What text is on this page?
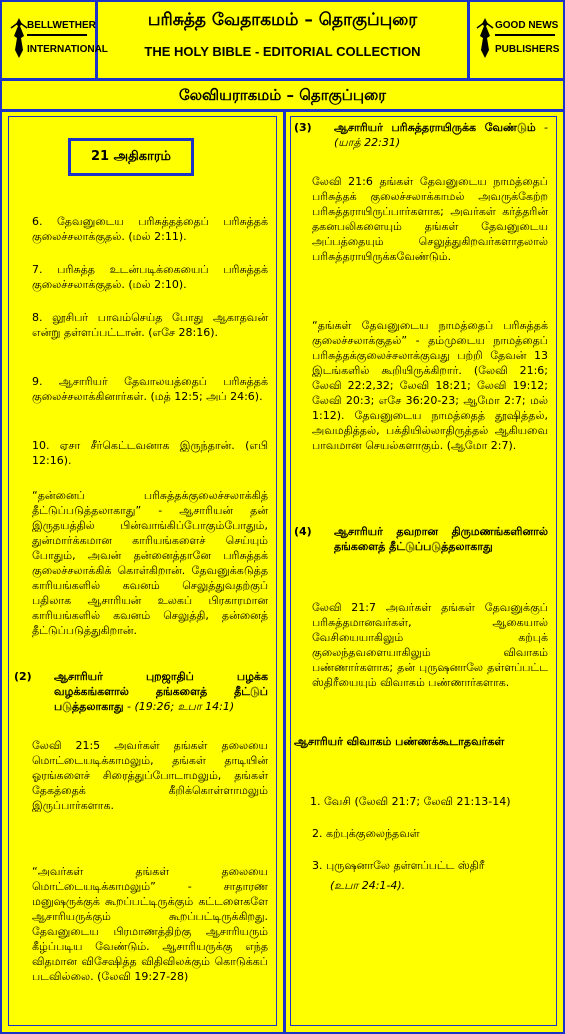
BELLWETHER
INTERNATIONAL
பரிசுத்த வேதாகமம் – தொகுப்புரை
THE HOLY BIBLE - EDITORIAL COLLECTION
GOOD NEWS
PUBLISHERS
லேவியராகமம் – தொகுப்புரை
21 அதிகாரம்
6. தேவனுடைய பரிசுத்தத்தைப் பரிசுத்தக் குலைச்சலாக்குதல். (மல் 2:11).
7. பரிசுத்த உடன்படிக்கையைப் பரிசுத்தக் குலைச்சலாக்குதல். (மல் 2:10).
8. லூசிபர் பாவம்செய்த போது ஆகாதவன் என்று தள்ளப்பட்டான். (எசே 28:16).
9. ஆசாரியர் தேவாலயத்தைப் பரிசுத்தக் குலைச்சலாக்கினார்கள். (மத் 12:5; அப் 24:6).
10. ஏசா சீர்கெட்டவனாக இருந்தான். (எபி 12:16).
“தன்னைப் பரிசுத்தக்குலைச்சலாக்கித் தீட்டுப்படுத்தலாகாது” - ஆசாரியன் தன் இருதயத்தில் பின்வாங்கிப்போகும்போதும், துன்மார்க்கமான காரியங்களைச் செய்யும் போதும், அவன் தன்னைத்தானே பரிசுத்தக் குலைச்சலாக்கிக் கொள்கிறான். தேவனுக்கடுத்த காரியங்களில் கவனம் செலுத்துவதற்குப் பதிலாக ஆசாரியன் உலகப் பிரகாரமான காரியங்களில் கவனம் செலுத்தி, தன்னைத் தீட்டுப்படுத்துகிறான்.
(2)	ஆசாரியர் புறஜாதிப் பழக்க வழக்கங்களால் தங்களைத் தீட்டுப் படுத்தலாகாது - (19:26; உபா 14:1)
லேவி 21:5 அவர்கள் தங்கள் தலையை மொட்டையடிக்காமலும், தங்கள் தாடியின் ஓரங்களைச் சிரைத்துப்போடாமலும், தங்கள் தேகத்தைக் கீறிக்கொள்ளாமலும் இருப்பார்களாக.
“அவர்கள் தங்கள் தலையை மொட்டையடிக்காமலும்” - சாதாரண மனுஷருக்குக் கூறப்பட்டிருக்கும் கட்டளைகளே ஆசாரியருக்கும் கூறப்பட்டிருக்கிறது. தேவனுடைய பிரமாணத்திற்கு ஆசாரியரும் கீழ்ப்படிய வேண்டும். ஆசாரியருக்கு எந்த விதமான விசேஷித்த விதிவிலக்கும் கொடுக்கப் படவில்லை. (லேவி 19:27-28)
(3)	ஆசாரியர் பரிசுத்தராயிருக்க வேண்டும் - (யாத் 22:31)
லேவி 21:6 தங்கள் தேவனுடைய நாமத்தைப் பரிசுத்தக் குலைச்சலாக்காமல் அவருக்கேற்ற பரிசுத்தராயிருப்பார்களாக; அவர்கள் கர்த்தரின் தகனபலிகளையும் தங்கள் தேவனுடைய அப்பத்தையும் செலுத்துகிறவர்களாதலால் பரிசுத்தராயிருக்கவேண்டும்.
“தங்கள் தேவனுடைய நாமத்தைப் பரிசுத்தக் குலைச்சலாக்குதல்” - தம்முடைய நாமத்தைப் பரிசுத்தக்குலைச்சலாக்குவது பற்றி தேவன் 13 இடங்களில் கூறியிருக்கிறார். (லேவி 21:6; லேவி 22:2,32; லேவி 18:21; லேவி 19:12; லேவி 20:3; எசே 36:20-23; ஆமோ 2:7; மல் 1:12). தேவனுடைய நாமத்தைத் தூஷித்தல், அவமதித்தல், பக்தியில்லாதிருத்தல் ஆகியவை பாவமான செயல்களாகும். (ஆமோ 2:7).
(4)	ஆசாரியர் தவறான திருமணங்களினால் தங்களைத் தீட்டுப்படுத்தலாகாது
லேவி 21:7 அவர்கள் தங்கள் தேவனுக்குப் பரிசுத்தமானவர்கள், ஆகையால் வேசியையாகிலும் கற்புக் குலைந்தவளையாகிலும் விவாகம் பண்ணார்களாக; தன் புருஷனாலே தள்ளப்பட்ட ஸ்திரீயையும் விவாகம் பண்ணார்களாக.
ஆசாரியர் விவாகம் பண்ணக்கூடாதவர்கள்
1. வேசி (லேவி 21:7; லேவி 21:13-14)
2. கற்புக்குலைந்தவள்
3. புருஷனாலே தள்ளப்பட்ட ஸ்திரீ
(உபா 24:1-4).
